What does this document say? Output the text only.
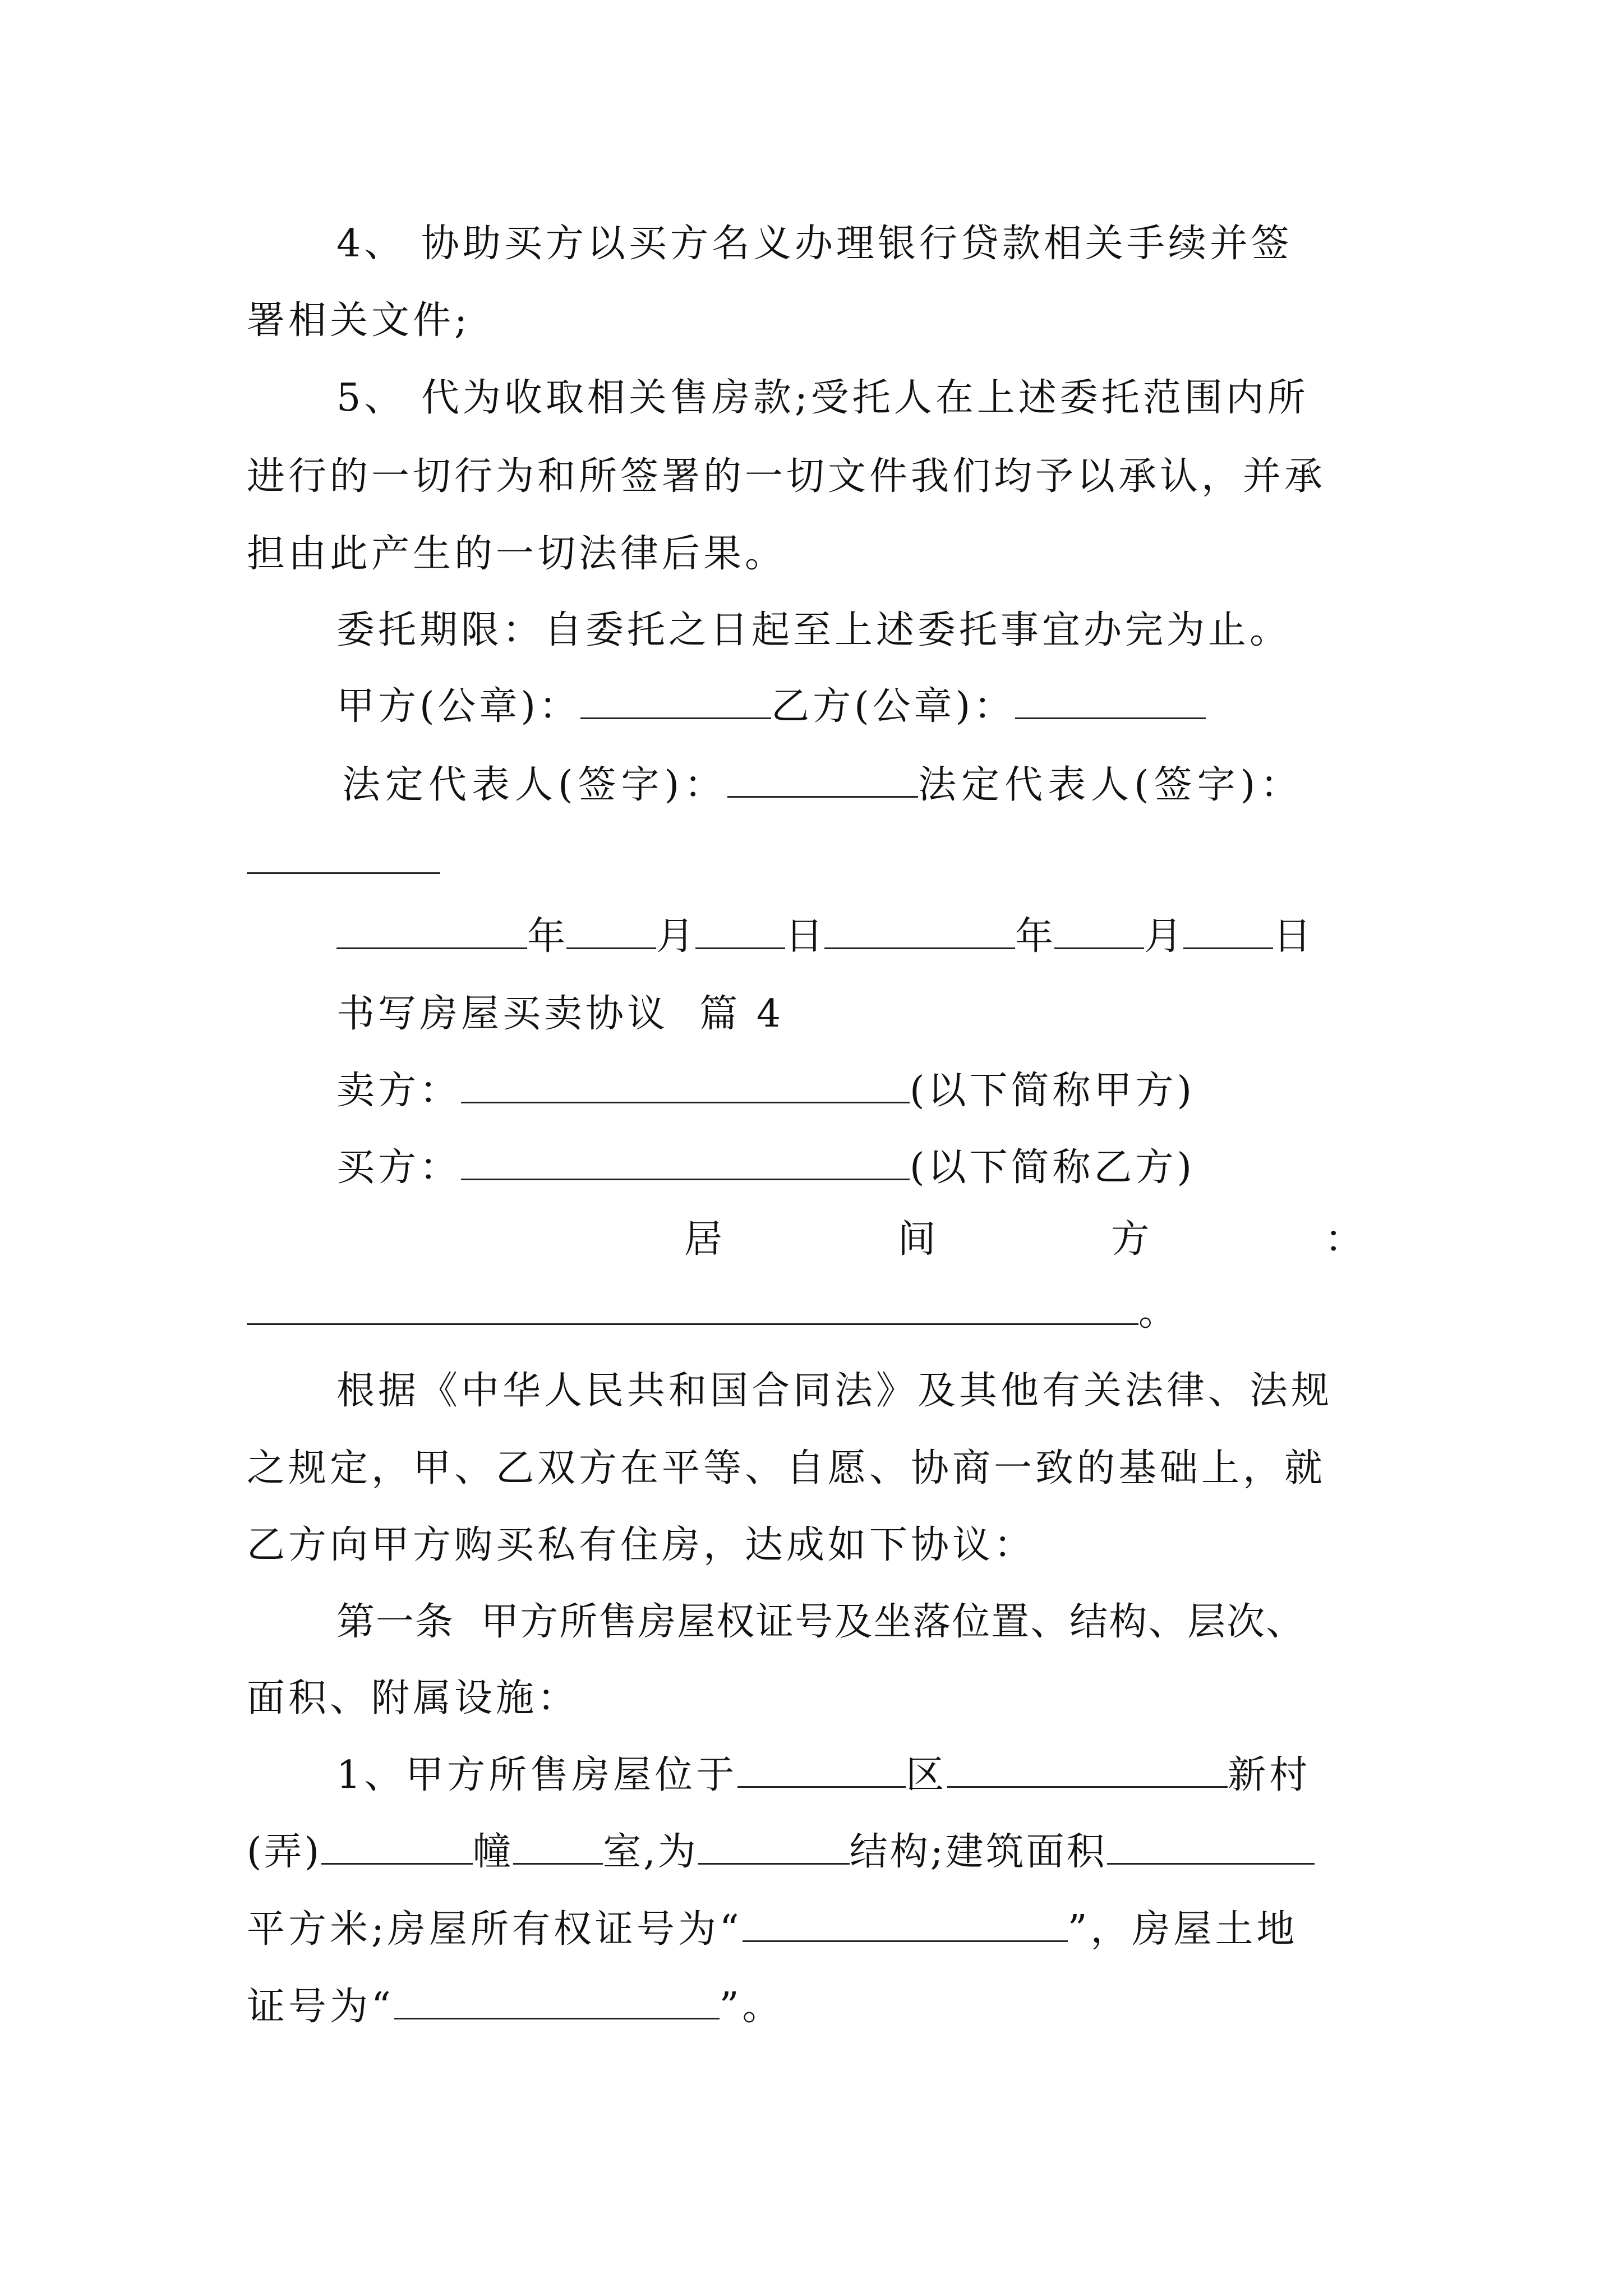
4、 协助买方以买方名义办理银行贷款相关手续并签

署相关文件;

5、 代为收取相关售房款;受托人在上述委托范围内所

进行的一切行为和所签署的一切文件我们均予以承认，并承

担由此产生的一切法律后果。

委托期限：自委托之日起至上述委托事宜办完为止。

甲方(公章)：	乙方(公章)：

法定代表人(签字)：	法定代表人(签字)：

年 月 日	年 月 日

书写房屋买卖协议  篇 4

卖方：	(以下简称甲方)

买方：	(以下简称乙方)

居	间	方	：

。

根据《中华人民共和国合同法》及其他有关法律、法规

之规定，甲、乙双方在平等、自愿、协商一致的基础上，就

乙方向甲方购买私有住房，达成如下协议：

第一条  甲方所售房屋权证号及坐落位置、结构、层次、

面积、附属设施：

1、甲方所售房屋位于	区	新村

(弄)	幢 室,为	结构;建筑面积

平方米;房屋所有权证号为“	”，房屋土地

证号为“	”。
